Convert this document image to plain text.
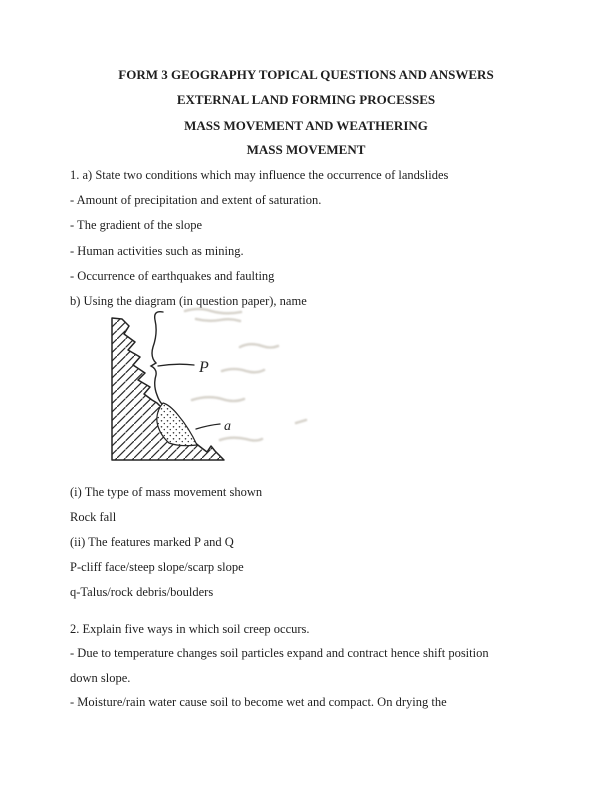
FORM 3 GEOGRAPHY TOPICAL QUESTIONS AND ANSWERS
EXTERNAL LAND FORMING PROCESSES
MASS MOVEMENT AND WEATHERING
MASS MOVEMENT
1. a) State two conditions which may influence the occurrence of landslides
- Amount of precipitation and extent of saturation.
- The gradient of the slope
- Human activities such as mining.
- Occurrence of earthquakes and faulting
b) Using the diagram (in question paper), name
P
a
(i) The type of mass movement shown
Rock fall
(ii) The features marked P and Q
P-cliff face/steep slope/scarp slope
q-Talus/rock debris/boulders
2. Explain five ways in which soil creep occurs.
- Due to temperature changes soil particles expand and contract hence shift position
down slope.
- Moisture/rain water cause soil to become wet and compact. On drying the
